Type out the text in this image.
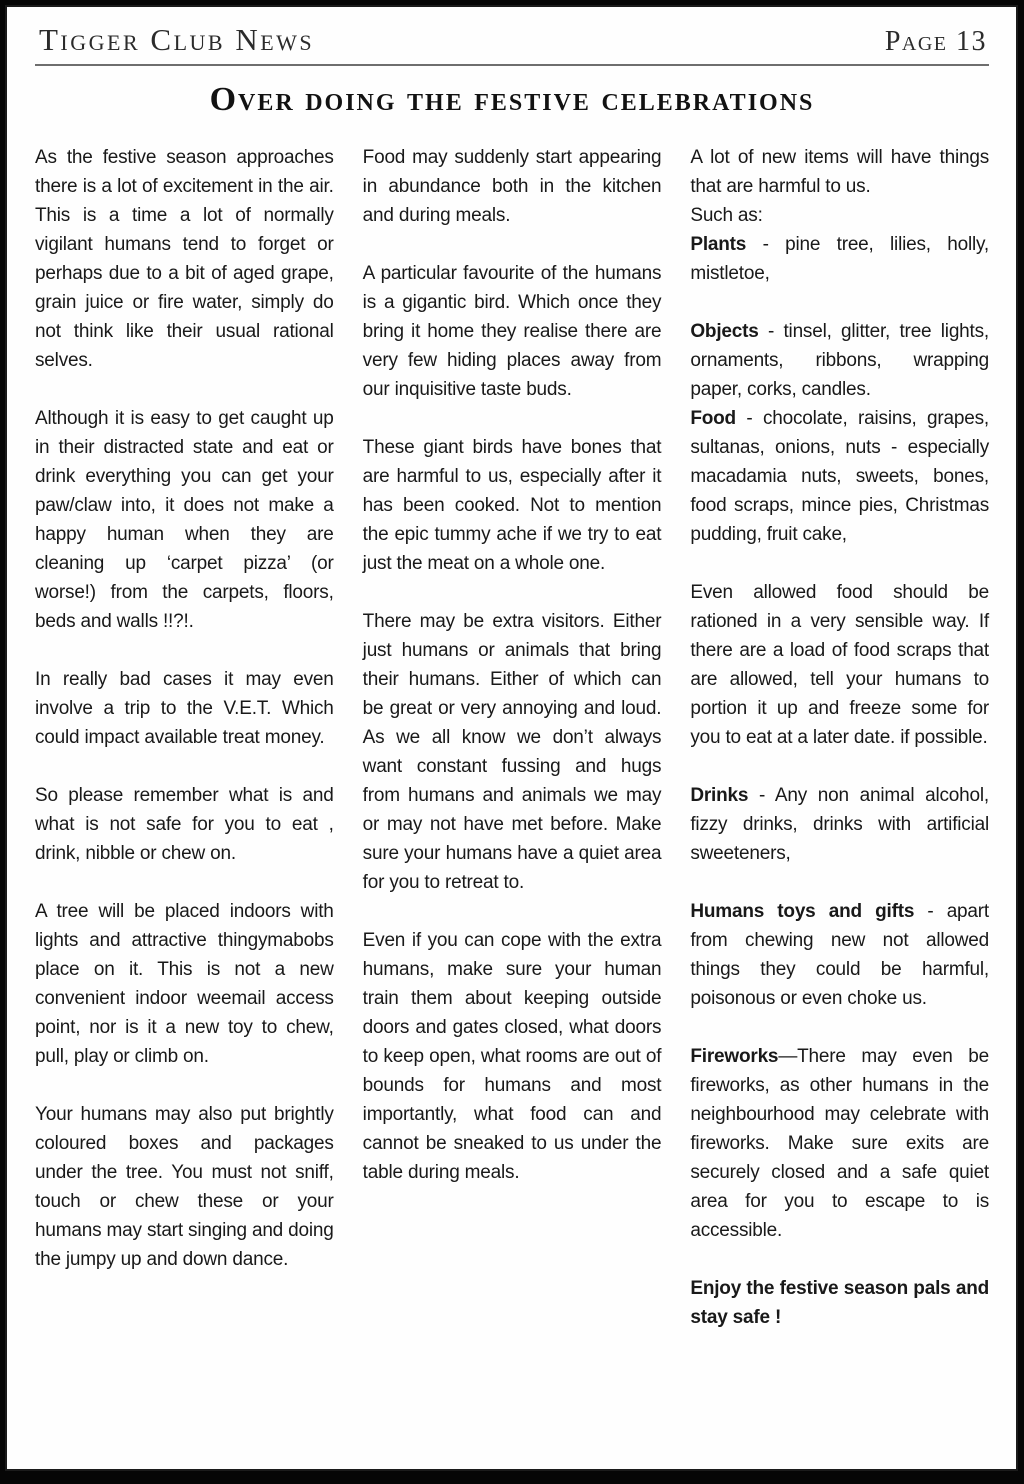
Tigger Club News	Page 13
Over doing the festive celebrations

As the festive season approaches there is a lot of excitement in the air. This is a time a lot of normally vigilant humans tend to forget or perhaps due to a bit of aged grape, grain juice or fire water, simply do not think like their usual rational selves.

Although it is easy to get caught up in their distracted state and eat or drink everything you can get your paw/claw into, it does not make a happy human when they are cleaning up ‘carpet pizza’ (or worse!) from the carpets, floors, beds and walls !!?!.

In really bad cases it may even involve a trip to the V.E.T. Which could impact available treat money.

So please remember what is and what is not safe for you to eat , drink, nibble or chew on.

A tree will be placed indoors with lights and attractive thingymabobs place on it. This is not a new convenient indoor weemail access point, nor is it a new toy to chew, pull, play or climb on.

Your humans may also put brightly coloured boxes and packages under the tree. You must not sniff, touch or chew these or your humans may start singing and doing the jumpy up and down dance.

Food may suddenly start appearing in abundance both in the kitchen and during meals.

A particular favourite of the humans is a gigantic bird. Which once they bring it home they realise there are very few hiding places away from our inquisitive taste buds.

These giant birds have bones that are harmful to us, especially after it has been cooked. Not to mention the epic tummy ache if we try to eat just the meat on a whole one.

There may be extra visitors. Either just humans or animals that bring their humans. Either of which can be great or very annoying and loud. As we all know we don’t always want constant fussing and hugs from humans and animals we may or may not have met before. Make sure your humans have a quiet area for you to retreat to.

Even if you can cope with the extra humans, make sure your human train them about keeping outside doors and gates closed, what doors to keep open, what rooms are out of bounds for humans and most importantly, what food can and cannot be sneaked to us under the table during meals.

A lot of new items will have things that are harmful to us.
Such as:
Plants - pine tree, lilies, holly, mistletoe,

Objects - tinsel, glitter, tree lights, ornaments, ribbons, wrapping paper, corks, candles.
Food - chocolate, raisins, grapes, sultanas, onions, nuts - especially macadamia nuts, sweets, bones, food scraps, mince pies, Christmas pudding, fruit cake,

Even allowed food should be rationed in a very sensible way. If there are a load of food scraps that are allowed, tell your humans to portion it up and freeze some for you to eat at a later date. if possible.

Drinks - Any non animal alcohol, fizzy drinks, drinks with artificial sweeteners,

Humans toys and gifts - apart from chewing new not allowed things they could be harmful, poisonous or even choke us.

Fireworks—There may even be fireworks, as other humans in the neighbourhood may celebrate with fireworks. Make sure exits are securely closed and a safe quiet area for you to escape to is accessible.

Enjoy the festive season pals and stay safe !
